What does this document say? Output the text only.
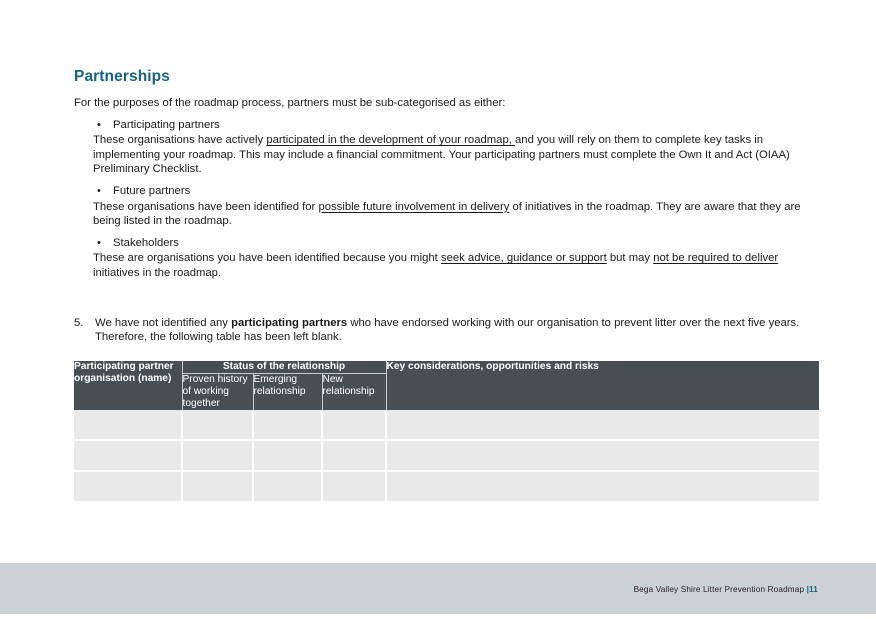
Partnerships

For the purposes of the roadmap process, partners must be sub-categorised as either:

• Participating partners

These organisations have actively participated in the development of your roadmap, and you will rely on them to complete key tasks in implementing your roadmap. This may include a financial commitment. Your participating partners must complete the Own It and Act (OIAA) Preliminary Checklist.

• Future partners

These organisations have been identified for possible future involvement in delivery of initiatives in the roadmap. They are aware that they are being listed in the roadmap.

• Stakeholders

These are organisations you have been identified because you might seek advice, guidance or support but may not be required to deliver initiatives in the roadmap.

5. We have not identified any participating partners who have endorsed working with our organisation to prevent litter over the next five years. Therefore, the following table has been left blank.
Participating partner organisation (name)	Status of the relationship			Key considerations, opportunities and risks
	Proven history of working together	Emerging relationship	New relationship	

Bega Valley Shire Litter Prevention Roadmap |11
